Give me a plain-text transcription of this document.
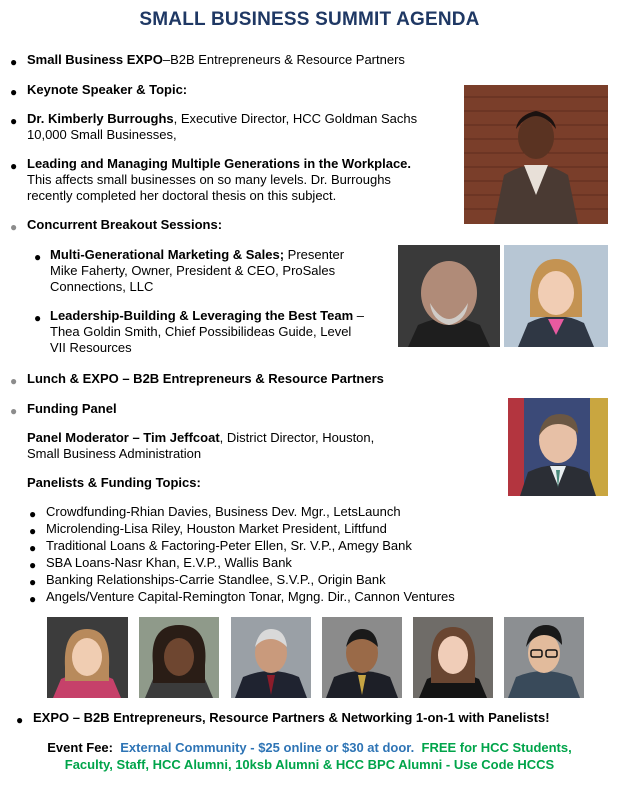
SMALL BUSINESS SUMMIT AGENDA
● Small Business EXPO–B2B Entrepreneurs & Resource Partners
● Keynote Speaker & Topic:
● Dr. Kimberly Burroughs, Executive Director, HCC Goldman Sachs
10,000 Small Businesses,
● Leading and Managing Multiple Generations in the Workplace.
This affects small businesses on so many levels. Dr. Burroughs
recently completed her doctoral thesis on this subject.
● Concurrent Breakout Sessions:
● Multi-Generational Marketing & Sales; Presenter
Mike Faherty, Owner, President & CEO, ProSales
Connections, LLC
● Leadership-Building & Leveraging the Best Team –
Thea Goldin Smith, Chief Possibilideas Guide, Level
VII Resources
● Lunch & EXPO – B2B Entrepreneurs & Resource Partners
● Funding Panel
Panel Moderator – Tim Jeffcoat, District Director, Houston,
Small Business Administration
Panelists & Funding Topics:
● Crowdfunding-Rhian Davies, Business Dev. Mgr., LetsLaunch
● Microlending-Lisa Riley, Houston Market President, Liftfund
● Traditional Loans & Factoring-Peter Ellen, Sr. V.P., Amegy Bank
● SBA Loans-Nasr Khan, E.V.P., Wallis Bank
● Banking Relationships-Carrie Standlee, S.V.P., Origin Bank
● Angels/Venture Capital-Remington Tonar, Mgng. Dir., Cannon Ventures
● EXPO – B2B Entrepreneurs, Resource Partners & Networking 1-on-1 with Panelists!
Event Fee: External Community - $25 online or $30 at door. FREE for HCC Students,
Faculty, Staff, HCC Alumni, 10ksb Alumni & HCC BPC Alumni - Use Code HCCS
